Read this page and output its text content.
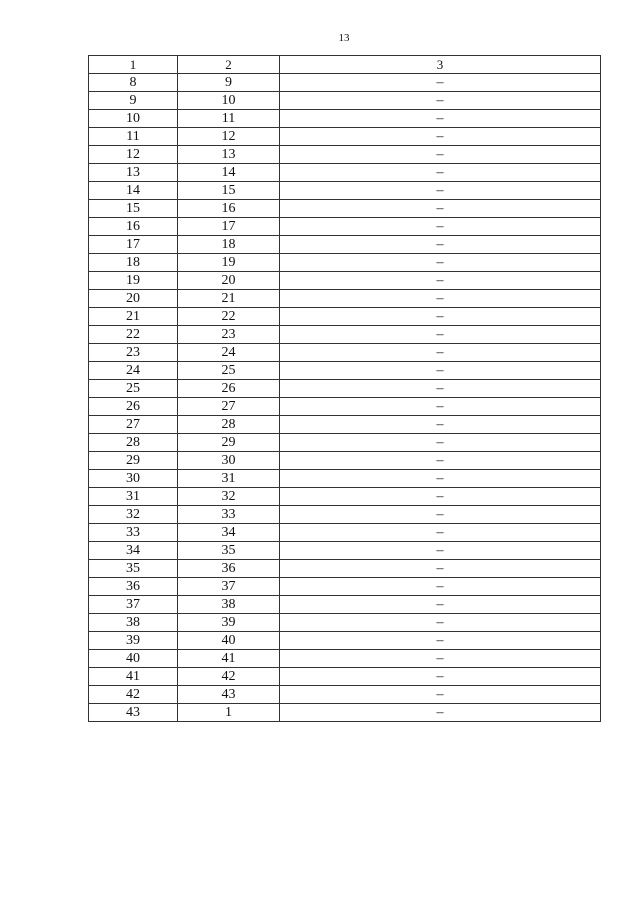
13
1	2	3
8	9	–
9	10	–
10	11	–
11	12	–
12	13	–
13	14	–
14	15	–
15	16	–
16	17	–
17	18	–
18	19	–
19	20	–
20	21	–
21	22	–
22	23	–
23	24	–
24	25	–
25	26	–
26	27	–
27	28	–
28	29	–
29	30	–
30	31	–
31	32	–
32	33	–
33	34	–
34	35	–
35	36	–
36	37	–
37	38	–
38	39	–
39	40	–
40	41	–
41	42	–
42	43	–
43	1	–
